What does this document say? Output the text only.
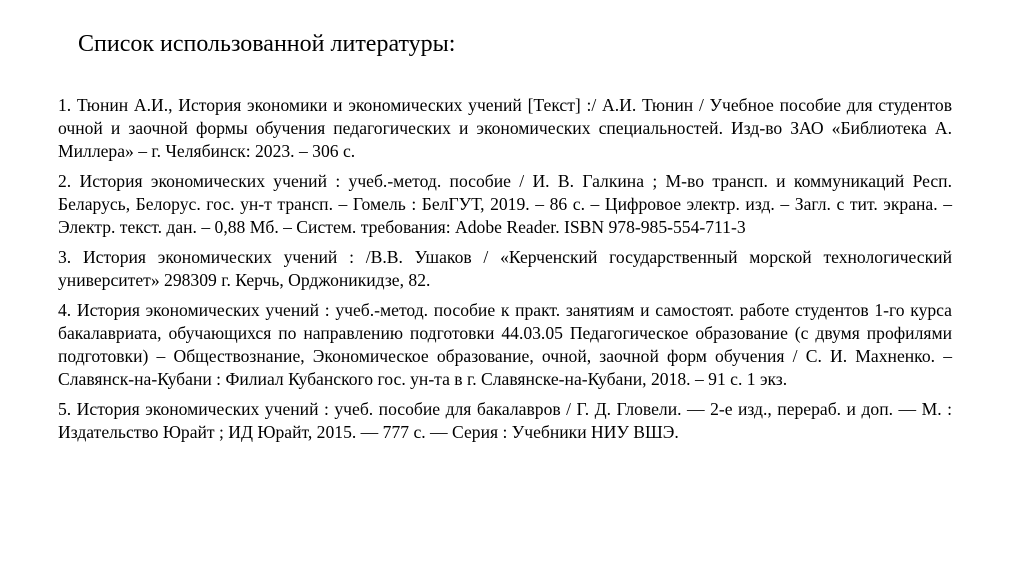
Список использованной литературы:

1. Тюнин А.И., История экономики и экономических учений [Текст] :/ А.И. Тюнин / Учебное пособие для студентов очной и заочной формы обучения педагогических и экономических специальностей. Изд-во ЗАО «Библиотека А. Миллера» – г. Челябинск: 2023. – 306 с.

2. История экономических учений : учеб.-метод. пособие / И. В. Галкина ; М-во трансп. и коммуникаций Респ. Беларусь, Белорус. гос. ун-т трансп. – Гомель : БелГУТ, 2019. – 86 с. – Цифровое электр. изд. – Загл. с тит. экрана. – Электр. текст. дан. – 0,88 Мб. – Систем. требования: Adobe Reader. ISBN 978-985-554-711-3

3. История экономических учений : /В.В. Ушаков / «Керченский государственный морской технологический университет» 298309 г. Керчь, Орджоникидзе, 82.

4. История экономических учений : учеб.-метод. пособие к практ. занятиям и самостоят. работе студентов 1-го курса бакалавриата, обучающихся по направлению подготовки 44.03.05 Педагогическое образование (с двумя профилями подготовки) – Обществознание, Экономическое образование, очной, заочной форм обучения / С. И. Махненко. – Славянск-на-Кубани : Филиал Кубанского гос. ун-та в г. Славянске-на-Кубани, 2018. – 91 с. 1 экз.

5. История экономических учений : учеб. пособие для бакалавров / Г. Д. Гловели. — 2-е изд., перераб. и доп. — М. : Издательство Юрайт ; ИД Юрайт, 2015. — 777 с. — Серия : Учебники НИУ ВШЭ.
